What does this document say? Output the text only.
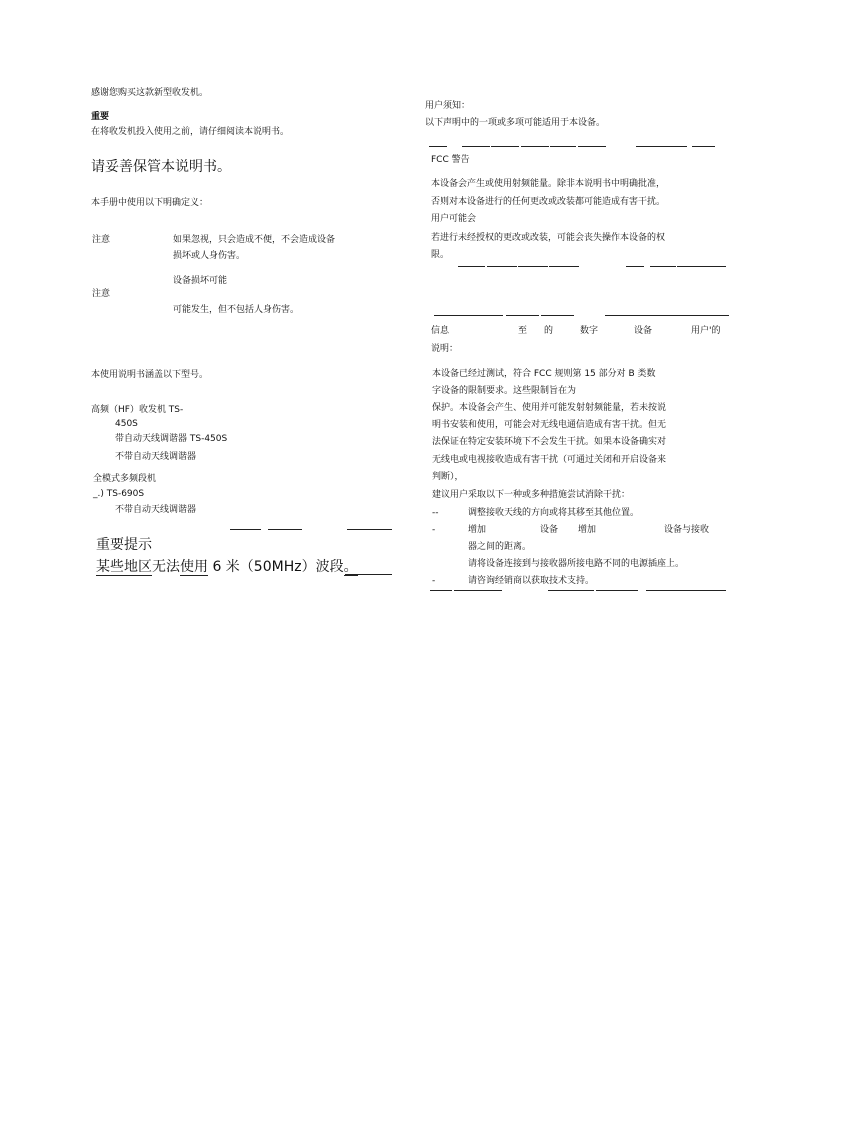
感谢您购买这款新型收发机。
重要
在将收发机投入使用之前，请仔细阅读本说明书。
请妥善保管本说明书。
本手册中使用以下明确定义：
注意	如果忽视，只会造成不便，不会造成设备
损坏或人身伤害。
设备损坏可能
注意
可能发生，但不包括人身伤害。
本使用说明书涵盖以下型号。
高频（HF）收发机 TS-
450S
带自动天线调谐器 TS-450S
不带自动天线调谐器
全模式多频段机
_.) TS-690S
不带自动天线调谐器
重要提示
某些地区无法使用 6 米（50MHz）波段。
用户须知：
以下声明中的一项或多项可能适用于本设备。
FCC 警告
本设备会产生或使用射频能量。除非本说明书中明确批准，
否则对本设备进行的任何更改或改装都可能造成有害干扰。
用户可能会
若进行未经授权的更改或改装，可能会丧失操作本设备的权
限。
信息	至 的	数字	设备	用户'的
说明：
本设备已经过测试，符合 FCC 规则第 15 部分对 B 类数
字设备的限制要求。这些限制旨在为
保护。本设备会产生、使用并可能发射射频能量，若未按说
明书安装和使用，可能会对无线电通信造成有害干扰。但无
法保证在特定安装环境下不会发生干扰。如果本设备确实对
无线电或电视接收造成有害干扰（可通过关闭和开启设备来
判断），
建议用户采取以下一种或多种措施尝试消除干扰：
--	调整接收天线的方向或将其移至其他位置。
-	增加	设备 增加	设备与接收
器之间的距离。
请将设备连接到与接收器所接电路不同的电源插座上。
-	请咨询经销商以获取技术支持。
